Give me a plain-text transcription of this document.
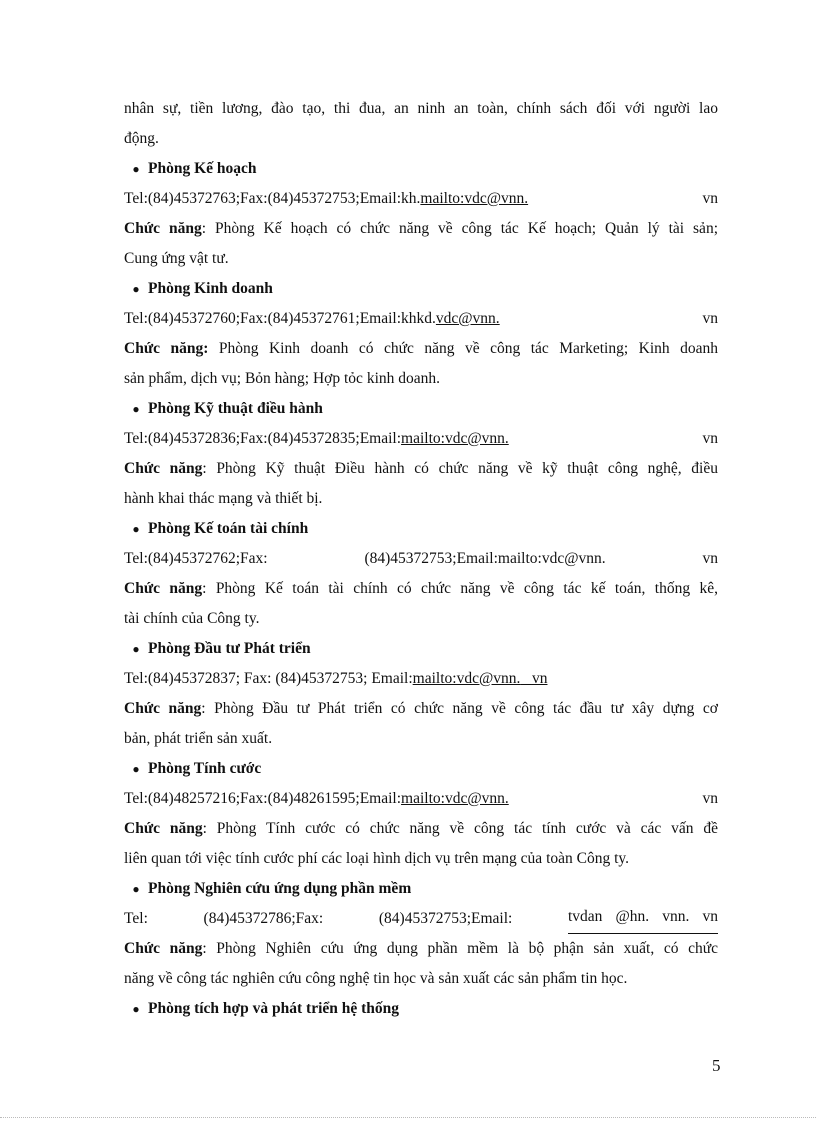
nhân sự, tiền lương, đào tạo, thi đua, an ninh an toàn, chính sách đối với người lao
động.
● Phòng Kế hoạch
Tel:(84)45372763;Fax:(84)45372753;Email:kh.mailto:vdc@vnn.	vn
Chức năng: Phòng Kế hoạch có chức năng về công tác Kế hoạch; Quản lý tài sản;
Cung ứng vật tư.
● Phòng Kinh doanh
Tel:(84)45372760;Fax:(84)45372761;Email:khkd.vdc@vnn.	vn
Chức năng: Phòng Kinh doanh có chức năng về công tác Marketing; Kinh doanh
sản phẩm, dịch vụ; Bỏn hàng; Hợp tỏc kinh doanh.
● Phòng Kỹ thuật điều hành
Tel:(84)45372836;Fax:(84)45372835;Email:mailto:vdc@vnn.	vn
Chức năng: Phòng Kỹ thuật Điều hành có chức năng về kỹ thuật công nghệ, điều
hành khai thác mạng và thiết bị.
● Phòng Kế toán tài chính
Tel:(84)45372762;Fax:	(84)45372753;Email:mailto:vdc@vnn.	vn
Chức năng: Phòng Kế toán tài chính có chức năng về công tác kế toán, thống kê,
tài chính của Công ty.
● Phòng Đầu tư Phát triển
Tel:(84)45372837; Fax: (84)45372753; Email:mailto:vdc@vnn. vn
Chức năng: Phòng Đầu tư Phát triển có chức năng về công tác đầu tư xây dựng cơ
bản, phát triển sản xuất.
● Phòng Tính cước
Tel:(84)48257216;Fax:(84)48261595;Email:mailto:vdc@vnn.	vn
Chức năng: Phòng Tính cước có chức năng về công tác tính cước và các vấn đề
liên quan tới việc tính cước phí các loại hình dịch vụ trên mạng của toàn Công ty.
● Phòng Nghiên cứu ứng dụng phần mềm
Tel:	(84)45372786;Fax:	(84)45372753;Email:	tvdan @hn. vnn. vn
Chức năng: Phòng Nghiên cứu ứng dụng phần mềm là bộ phận sản xuất, có chức
năng về công tác nghiên cứu công nghệ tin học và sản xuất các sản phẩm tin học.
● Phòng tích hợp và phát triển hệ thống
5
